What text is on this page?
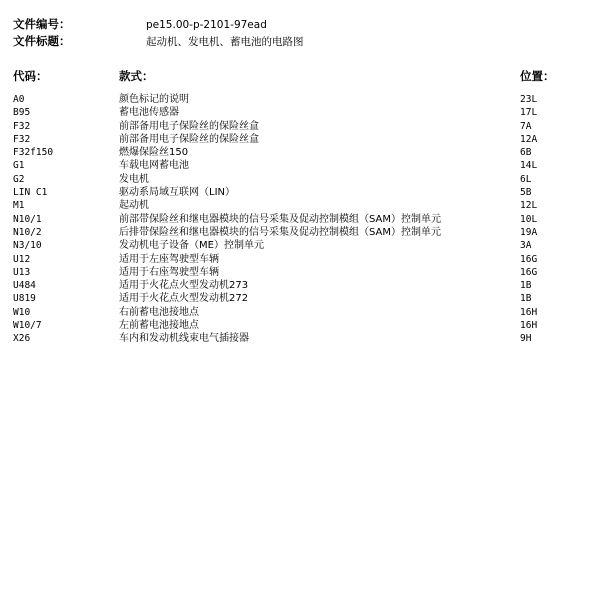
文件编号：	pe15.00-p-2101-97ead
文件标题：	起动机、发电机、蓄电池的电路图
代码：	款式：	位置：
A0	颜色标记的说明	23L
B95	蓄电池传感器	17L
F32	前部备用电子保险丝的保险丝盒	7A
F32	前部备用电子保险丝的保险丝盒	12A
F32f150	燃爆保险丝150	6B
G1	车载电网蓄电池	14L
G2	发电机	6L
LIN C1	驱动系局域互联网（LIN）	5B
M1	起动机	12L
N10/1	前部带保险丝和继电器模块的信号采集及促动控制模组（SAM）控制单元	10L
N10/2	后排带保险丝和继电器模块的信号采集及促动控制模组（SAM）控制单元	19A
N3/10	发动机电子设备（ME）控制单元	3A
U12	适用于左座驾驶型车辆	16G
U13	适用于右座驾驶型车辆	16G
U484	适用于火花点火型发动机273	1B
U819	适用于火花点火型发动机272	1B
W10	右前蓄电池接地点	16H
W10/7	左前蓄电池接地点	16H
X26	车内和发动机线束电气插接器	9H
